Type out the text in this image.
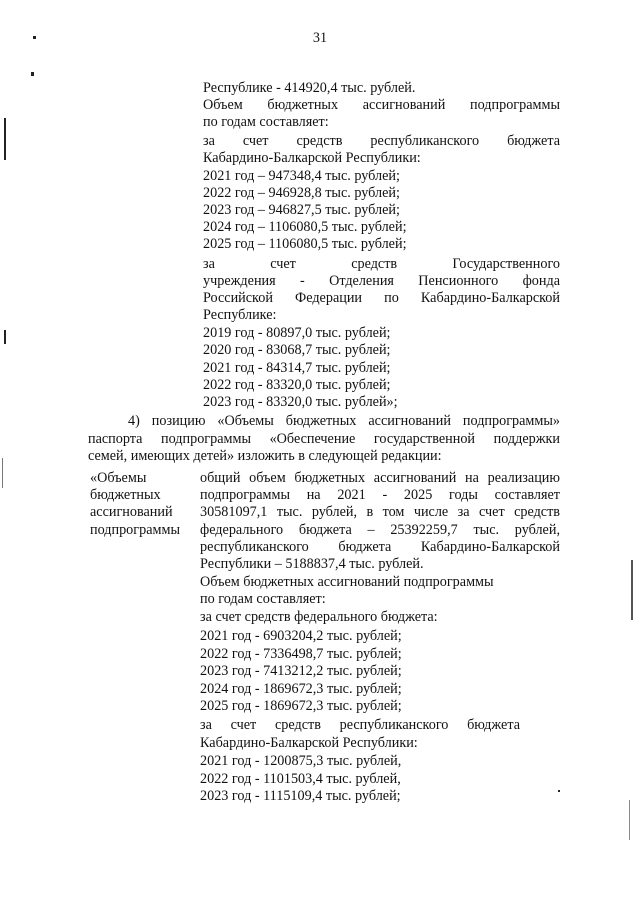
31
Республике - 414920,4 тыс. рублей.
Объем бюджетных ассигнований подпрограммы
по годам составляет:
за счет средств республиканского бюджета
Кабардино-Балкарской Республики:
2021 год – 947348,4 тыс. рублей;
2022 год – 946928,8 тыс. рублей;
2023 год – 946827,5 тыс. рублей;
2024 год – 1106080,5 тыс. рублей;
2025 год – 1106080,5 тыс. рублей;
за счет средств Государственного
учреждения - Отделения Пенсионного фонда
Российской Федерации по Кабардино-Балкарской
Республике:
2019 год - 80897,0 тыс. рублей;
2020 год - 83068,7 тыс. рублей;
2021 год - 84314,7 тыс. рублей;
2022 год - 83320,0 тыс. рублей;
2023 год - 83320,0 тыс. рублей»;
4) позицию «Объемы бюджетных ассигнований подпрограммы»
паспорта подпрограммы «Обеспечение государственной поддержки
семей, имеющих детей» изложить в следующей редакции:
«Объемы
бюджетных
ассигнований
подпрограммы
общий объем бюджетных ассигнований на реализацию
подпрограммы на 2021 - 2025 годы составляет
30581097,1 тыс. рублей, в том числе за счет средств
федерального бюджета – 25392259,7 тыс. рублей,
республиканского бюджета Кабардино-Балкарской
Республики – 5188837,4 тыс. рублей.
Объем бюджетных ассигнований подпрограммы
по годам составляет:
за счет средств федерального бюджета:
2021 год - 6903204,2 тыс. рублей;
2022 год - 7336498,7 тыс. рублей;
2023 год - 7413212,2 тыс. рублей;
2024 год - 1869672,3 тыс. рублей;
2025 год - 1869672,3 тыс. рублей;
за счет средств республиканского бюджета
Кабардино-Балкарской Республики:
2021 год - 1200875,3 тыс. рублей,
2022 год - 1101503,4 тыс. рублей,
2023 год - 1115109,4 тыс. рублей;
